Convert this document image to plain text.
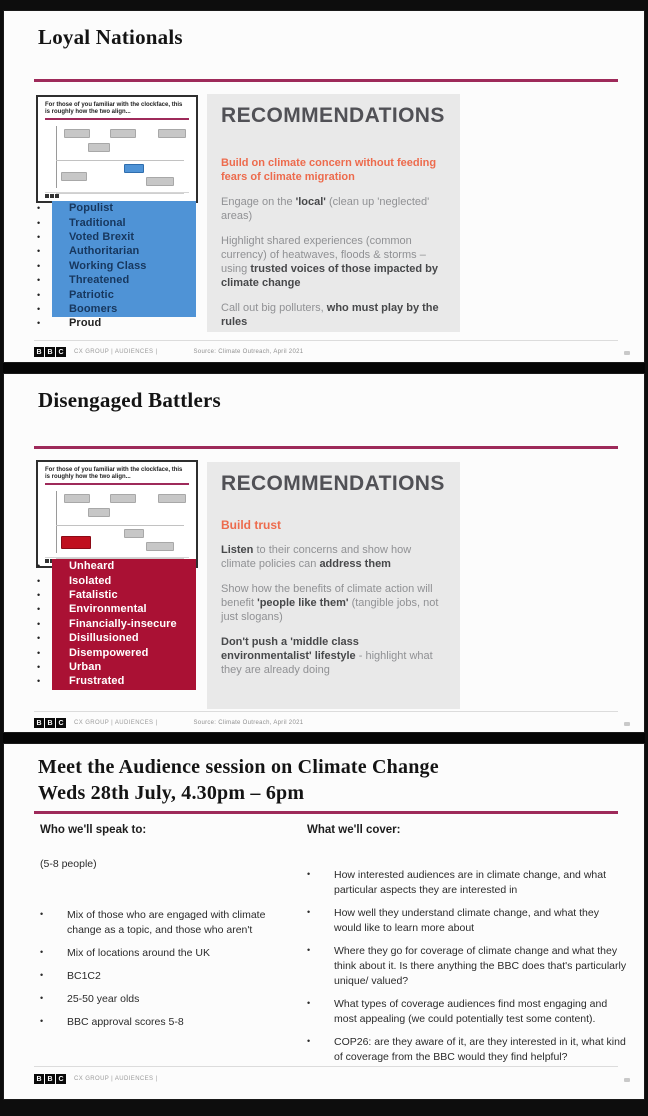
Loyal Nationals
For those of you familiar with the clockface, this is roughly how the two align...
•	Populist
•	Traditional
•	Voted Brexit
•	Authoritarian
•	Working Class
•	Threatened
•	Patriotic
•	Boomers
•	Proud
RECOMMENDATIONS
Build on climate concern without feeding fears of climate migration
Engage on the 'local' (clean up 'neglected' areas)
Highlight shared experiences (common currency) of heatwaves, floods & storms – using trusted voices of those impacted by climate change
Call out big polluters, who must play by the rules
B B C	CX GROUP | AUDIENCES |	Source: Climate Outreach, April 2021
Disengaged Battlers
For those of you familiar with the clockface, this is roughly how the two align...
•	Unheard
•	Isolated
•	Fatalistic
•	Environmental
•	Financially-insecure
•	Disillusioned
•	Disempowered
•	Urban
•	Frustrated
RECOMMENDATIONS
Build trust
Listen to their concerns and show how climate policies can address them
Show how the benefits of climate action will benefit 'people like them' (tangible jobs, not just slogans)
Don't push a 'middle class environmentalist' lifestyle - highlight what they are already doing
B B C	CX GROUP | AUDIENCES |	Source: Climate Outreach, April 2021
Meet the Audience session on Climate Change
Weds 28th July, 4.30pm – 6pm
Who we'll speak to:
(5-8 people)
•	Mix of those who are engaged with climate change as a topic, and those who aren't
•	Mix of locations around the UK
•	BC1C2
•	25-50 year olds
•	BBC approval scores 5-8
What we'll cover:
•	How interested audiences are in climate change, and what particular aspects they are interested in
•	How well they understand climate change, and what they would like to learn more about
•	Where they go for coverage of climate change and what they think about it. Is there anything the BBC does that's particularly unique/ valued?
•	What types of coverage audiences find most engaging and most appealing (we could potentially test some content).
•	COP26: are they aware of it, are they interested in it, what kind of coverage from the BBC would they find helpful?
B B C	CX GROUP | AUDIENCES |
